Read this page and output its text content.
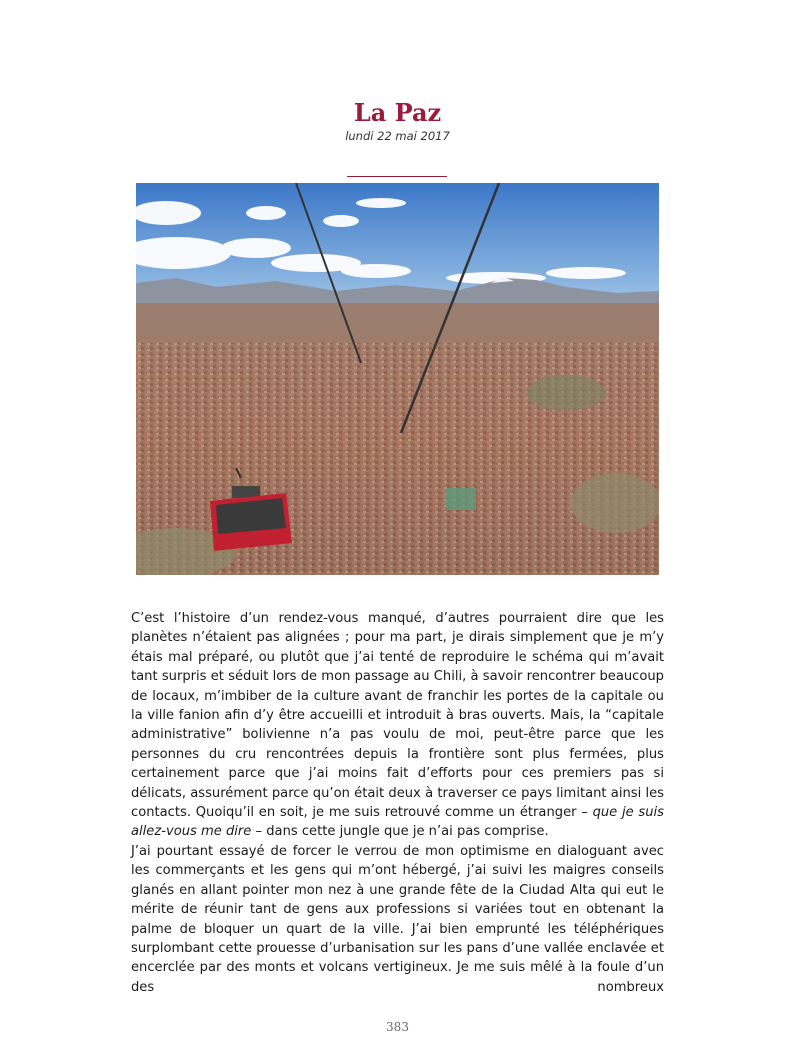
La Paz
lundi 22 mai 2017

C’est l’histoire d’un rendez-vous manqué, d’autres pourraient dire que les planètes n’étaient pas alignées ; pour ma part, je dirais simplement que je m’y étais mal préparé, ou plutôt que j’ai tenté de reproduire le schéma qui m’avait tant surpris et séduit lors de mon passage au Chili, à savoir rencontrer beaucoup de locaux, m’imbiber de la culture avant de franchir les portes de la capitale ou la ville fanion afin d’y être accueilli et introduit à bras ouverts. Mais, la “capitale administrative” bolivienne n’a pas voulu de moi, peut-être parce que les personnes du cru rencontrées depuis la frontière sont plus fermées, plus certainement parce que j’ai moins fait d’efforts pour ces premiers pas si délicats, assurément parce qu’on était deux à traverser ce pays limitant ainsi les contacts. Quoiqu’il en soit, je me suis retrouvé comme un étranger – que je suis allez-vous me dire – dans cette jungle que je n’ai pas comprise.

J’ai pourtant essayé de forcer le verrou de mon optimisme en dialoguant avec les commerçants et les gens qui m’ont hébergé, j’ai suivi les maigres conseils glanés en allant pointer mon nez à une grande fête de la Ciudad Alta qui eut le mérite de réunir tant de gens aux professions si variées tout en obtenant la palme de bloquer un quart de la ville. J’ai bien emprunté les téléphériques surplombant cette prouesse d’urbanisation sur les pans d’une vallée enclavée et encerclée par des monts et volcans vertigineux. Je me suis mêlé à la foule d’un des nombreux

383
